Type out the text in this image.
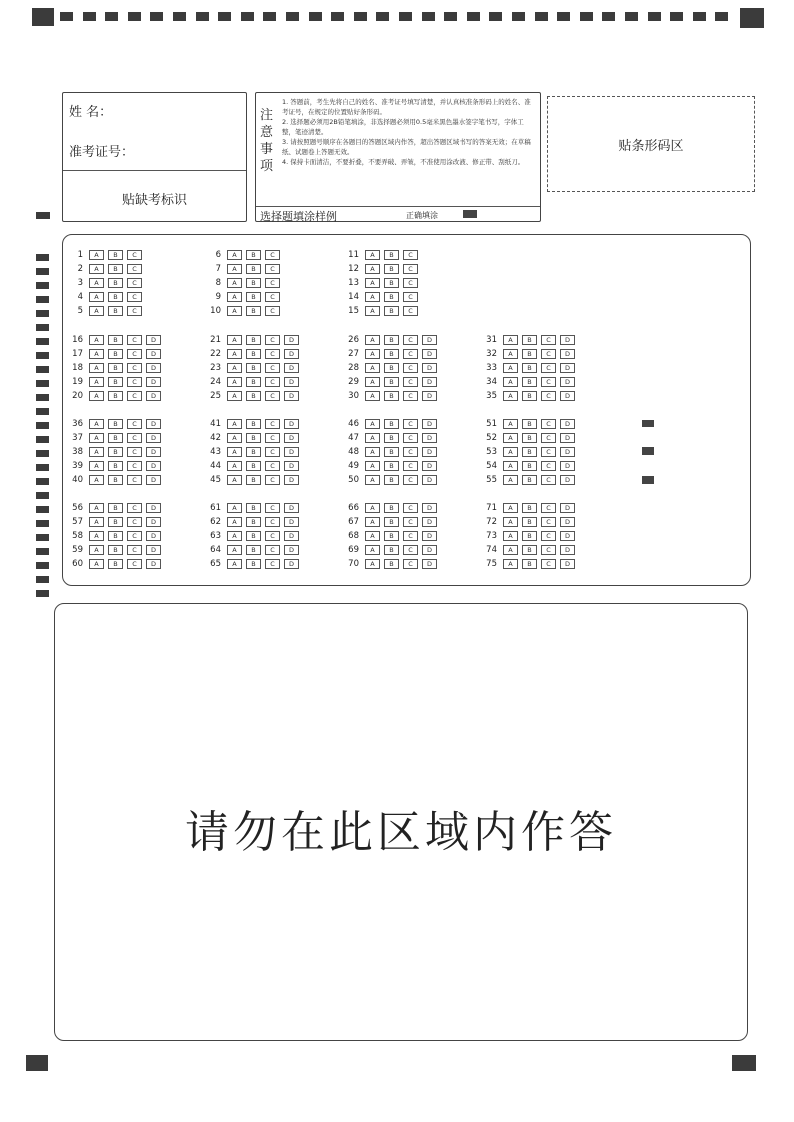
姓 名：
准考证号：
贴缺考标识
注意事项
1. 答题前，考生先将自己的姓名、准考证号填写清楚，并认真核准条形码上的姓名、准考证号，在规定的位置贴好条形码。
2. 选择题必须用2B铅笔填涂，非选择题必须用0.5毫米黑色墨水签字笔书写，字体工整，笔迹清楚。
3. 请按照题号顺序在各题目的答题区域内作答，超出答题区域书写的答案无效；在草稿纸、试题卷上答题无效。
4. 保持卡面清洁，不要折叠，不要弄破、弄皱，不准使用涂改液、修正带、刮纸刀。
选择题填涂样例	正确填涂
贴条形码区
1 A B C
2 A B C
3 A B C
4 A B C
5 A B C
6 A B C
7 A B C
8 A B C
9 A B C
10 A B C
11 A B C
12 A B C
13 A B C
14 A B C
15 A B C
16 A B C D
17 A B C D
18 A B C D
19 A B C D
20 A B C D
21 A B C D
22 A B C D
23 A B C D
24 A B C D
25 A B C D
26 A B C D
27 A B C D
28 A B C D
29 A B C D
30 A B C D
31 A B C D
32 A B C D
33 A B C D
34 A B C D
35 A B C D
36 A B C D
37 A B C D
38 A B C D
39 A B C D
40 A B C D
41 A B C D
42 A B C D
43 A B C D
44 A B C D
45 A B C D
46 A B C D
47 A B C D
48 A B C D
49 A B C D
50 A B C D
51 A B C D
52 A B C D
53 A B C D
54 A B C D
55 A B C D
56 A B C D
57 A B C D
58 A B C D
59 A B C D
60 A B C D
61 A B C D
62 A B C D
63 A B C D
64 A B C D
65 A B C D
66 A B C D
67 A B C D
68 A B C D
69 A B C D
70 A B C D
71 A B C D
72 A B C D
73 A B C D
74 A B C D
75 A B C D
请勿在此区域内作答
